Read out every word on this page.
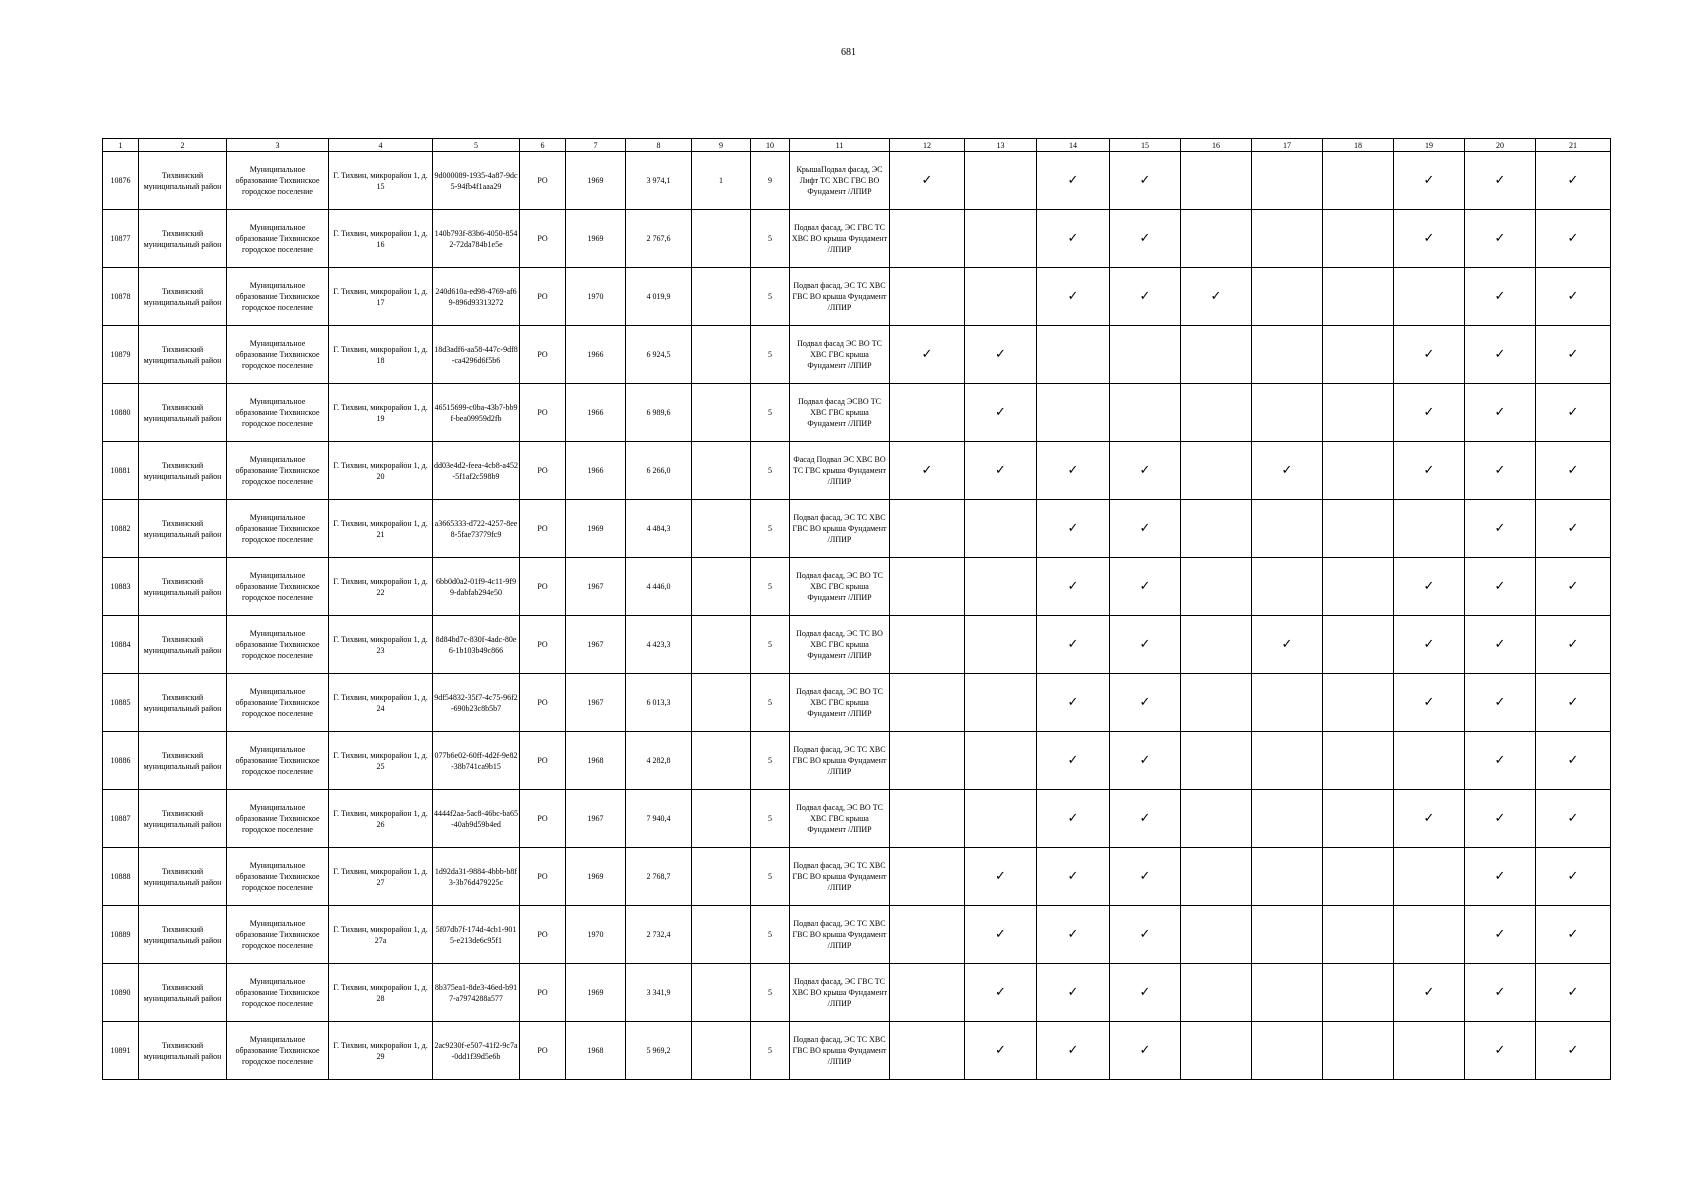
681
1	2	3	4	5	6	7	8	9	10	11	12	13	14	15	16	17	18	19	20	21
10876	Тихвинский муниципальный район	Муниципальное образование Тихвинское городское поселение	Г. Тихвин, микрорайон 1, д. 15	9d000089-1935-4a87-9dc5-94fb4f1aaa29	РО	1969	3 974,1	1	9	КрышаПодвал фасад, ЭС Лифт ТС ХВС ГВС ВО Фундамент /ЛПИР	✓		✓	✓				✓	✓	✓
10877	Тихвинский муниципальный район	Муниципальное образование Тихвинское городское поселение	Г. Тихвин, микрорайон 1, д. 16	140b793f-83b6-4050-8542-72da784b1e5e	РО	1969	2 767,6		5	Подвал фасад, ЭС ГВС ТС ХВС ВО крыша Фундамент /ЛПИР			✓	✓				✓	✓	✓
10878	Тихвинский муниципальный район	Муниципальное образование Тихвинское городское поселение	Г. Тихвин, микрорайон 1, д. 17	240d610a-ed98-4769-af69-896d93313272	РО	1970	4 019,9		5	Подвал фасад, ЭС ТС ХВС ГВС ВО крыша Фундамент /ЛПИР			✓	✓	✓				✓	✓
10879	Тихвинский муниципальный район	Муниципальное образование Тихвинское городское поселение	Г. Тихвин, микрорайон 1, д. 18	18d3adf6-aa58-447c-9df8-ca4296d6f5b6	РО	1966	6 924,5		5	Подвал фасад ЭС ВО ТС ХВС ГВС крыша Фундамент /ЛПИР	✓	✓						✓	✓	✓
10880	Тихвинский муниципальный район	Муниципальное образование Тихвинское городское поселение	Г. Тихвин, микрорайон 1, д. 19	46515699-c0ba-43b7-bb9f-bea09959d2fb	РО	1966	6 989,6		5	Подвал фасад ЭСВО ТС ХВС ГВС крыша Фундамент /ЛПИР		✓						✓	✓	✓
10881	Тихвинский муниципальный район	Муниципальное образование Тихвинское городское поселение	Г. Тихвин, микрорайон 1, д. 20	dd03e4d2-feea-4cb8-a452-5f1af2c598b9	РО	1966	6 266,0		5	Фасад Подвал ЭС ХВС ВО ТС ГВС крыша Фундамент /ЛПИР	✓	✓	✓	✓		✓		✓	✓	✓
10882	Тихвинский муниципальный район	Муниципальное образование Тихвинское городское поселение	Г. Тихвин, микрорайон 1, д. 21	a3665333-d722-4257-8ee8-5fae73779fc9	РО	1969	4 484,3		5	Подвал фасад, ЭС ТС ХВС ГВС ВО крыша Фундамент /ЛПИР			✓	✓					✓	✓
10883	Тихвинский муниципальный район	Муниципальное образование Тихвинское городское поселение	Г. Тихвин, микрорайон 1, д. 22	6bb0d0a2-01f9-4c11-9f99-dabfab294e50	РО	1967	4 446,0		5	Подвал фасад, ЭС ВО ТС ХВС ГВС крыша Фундамент /ЛПИР			✓	✓				✓	✓	✓
10884	Тихвинский муниципальный район	Муниципальное образование Тихвинское городское поселение	Г. Тихвин, микрорайон 1, д. 23	8d84bd7c-830f-4adc-80e6-1b103b49c866	РО	1967	4 423,3		5	Подвал фасад, ЭС ТС ВО ХВС ГВС крыша Фундамент /ЛПИР			✓	✓		✓		✓	✓	✓
10885	Тихвинский муниципальный район	Муниципальное образование Тихвинское городское поселение	Г. Тихвин, микрорайон 1, д. 24	9df54832-35f7-4c75-96f2-690b23c8b5b7	РО	1967	6 013,3		5	Подвал фасад, ЭС ВО ТС ХВС ГВС крыша Фундамент /ЛПИР			✓	✓				✓	✓	✓
10886	Тихвинский муниципальный район	Муниципальное образование Тихвинское городское поселение	Г. Тихвин, микрорайон 1, д. 25	077b6e02-60ff-4d2f-9e82-38b741ca9b15	РО	1968	4 282,8		5	Подвал фасад, ЭС ТС ХВС ГВС ВО крыша Фундамент /ЛПИР			✓	✓					✓	✓
10887	Тихвинский муниципальный район	Муниципальное образование Тихвинское городское поселение	Г. Тихвин, микрорайон 1, д. 26	4444f2aa-5ac8-46bc-ba65-40ab9d59b4ed	РО	1967	7 940,4		5	Подвал фасад, ЭС ВО ТС ХВС ГВС крыша Фундамент /ЛПИР			✓	✓				✓	✓	✓
10888	Тихвинский муниципальный район	Муниципальное образование Тихвинское городское поселение	Г. Тихвин, микрорайон 1, д. 27	1d92da31-9884-4bbb-b8f3-3b76d479225c	РО	1969	2 768,7		5	Подвал фасад, ЭС ТС ХВС ГВС ВО крыша Фундамент /ЛПИР		✓	✓	✓					✓	✓
10889	Тихвинский муниципальный район	Муниципальное образование Тихвинское городское поселение	Г. Тихвин, микрорайон 1, д. 27а	5f07db7f-174d-4cb1-9015-e213de6c95f1	РО	1970	2 732,4		5	Подвал фасад, ЭС ТС ХВС ГВС ВО крыша Фундамент /ЛПИР		✓	✓	✓					✓	✓
10890	Тихвинский муниципальный район	Муниципальное образование Тихвинское городское поселение	Г. Тихвин, микрорайон 1, д. 28	8b375ea1-8de3-46ed-b917-a7974288a577	РО	1969	3 341,9		5	Подвал фасад, ЭС ГВС ТС ХВС ВО крыша Фундамент /ЛПИР		✓	✓	✓				✓	✓	✓
10891	Тихвинский муниципальный район	Муниципальное образование Тихвинское городское поселение	Г. Тихвин, микрорайон 1, д. 29	2ac9230f-e507-41f2-9c7a-0dd1f39d5e6b	РО	1968	5 969,2		5	Подвал фасад, ЭС ТС ХВС ГВС ВО крыша Фундамент /ЛПИР		✓	✓	✓					✓	✓
